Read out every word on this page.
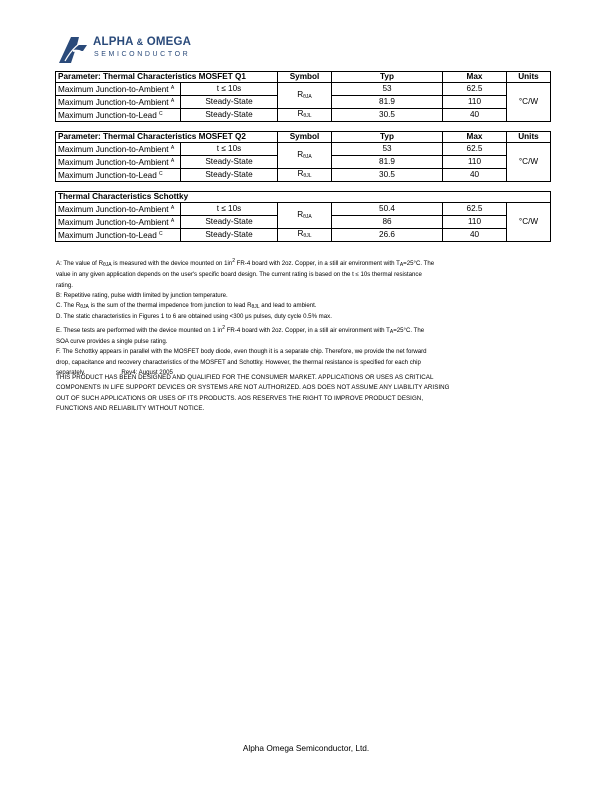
ALPHA & OMEGA
SEMICONDUCTOR
Parameter: Thermal Characteristics MOSFET Q1		Symbol	Typ	Max	Units
Maximum Junction-to-Ambient $^A$	t ≤ 10s	$R_{\theta JA}$	53	62.5	°C/W
Maximum Junction-to-Ambient $^A$	Steady-State		81.9	110	
Maximum Junction-to-Lead $^C$	Steady-State	$R_{\theta JL}$	30.5	40	
Parameter: Thermal Characteristics MOSFET Q2		Symbol	Typ	Max	Units
Maximum Junction-to-Ambient $^A$	t ≤ 10s	$R_{\theta JA}$	53	62.5	°C/W
Maximum Junction-to-Ambient $^A$	Steady-State		81.9	110	
Maximum Junction-to-Lead $^C$	Steady-State	$R_{\theta JL}$	30.5	40	
Thermal Characteristics Schottky					
Maximum Junction-to-Ambient $^A$	t ≤ 10s	$R_{\theta JA}$	50.4	62.5	°C/W
Maximum Junction-to-Ambient $^A$	Steady-State		86	110	
Maximum Junction-to-Lead $^C$	Steady-State	$R_{\theta JL}$	26.6	40	

A: The value of $R_{\theta JA}$ is measured with the device mounted on $1in^2$ FR-4 board with 2oz. Copper, in a still air environment with $T_A=25^\circ C$. The

value in any given application depends on the user's specific board design. The current rating is based on the t ≤ 10s thermal resistance

rating.

B: Repetitive rating, pulse width limited by junction temperature.

C. The $R_{\theta JA}$ is the sum of the thermal impedence from junction to lead $R_{\theta JL}$ and lead to ambient.

D. The static characteristics in Figures 1 to 6 are obtained using <300 μs pulses, duty cycle 0.5% max.

E. These tests are performed with the device mounted on 1 $in^2$ FR-4 board with 2oz. Copper, in a still air environment with $T_A=25^\circ C$. The

SOA curve provides a single pulse rating.

F. The Schottky appears in parallel with the MOSFET body diode, even though it is a separate chip. Therefore, we provide the net forward

drop, capacitance and recovery characteristics of the MOSFET and Schottky. However, the thermal resistance is specified for each chip

separately.	Rev4: August 2005

THIS PRODUCT HAS BEEN DESIGNED AND QUALIFIED FOR THE CONSUMER MARKET. APPLICATIONS OR USES AS CRITICAL

COMPONENTS IN LIFE SUPPORT DEVICES OR SYSTEMS ARE NOT AUTHORIZED. AOS DOES NOT ASSUME ANY LIABILITY ARISING

OUT OF SUCH APPLICATIONS OR USES OF ITS PRODUCTS. AOS RESERVES THE RIGHT TO IMPROVE PRODUCT DESIGN,

FUNCTIONS AND RELIABILITY WITHOUT NOTICE.

Alpha Omega Semiconductor, Ltd.
